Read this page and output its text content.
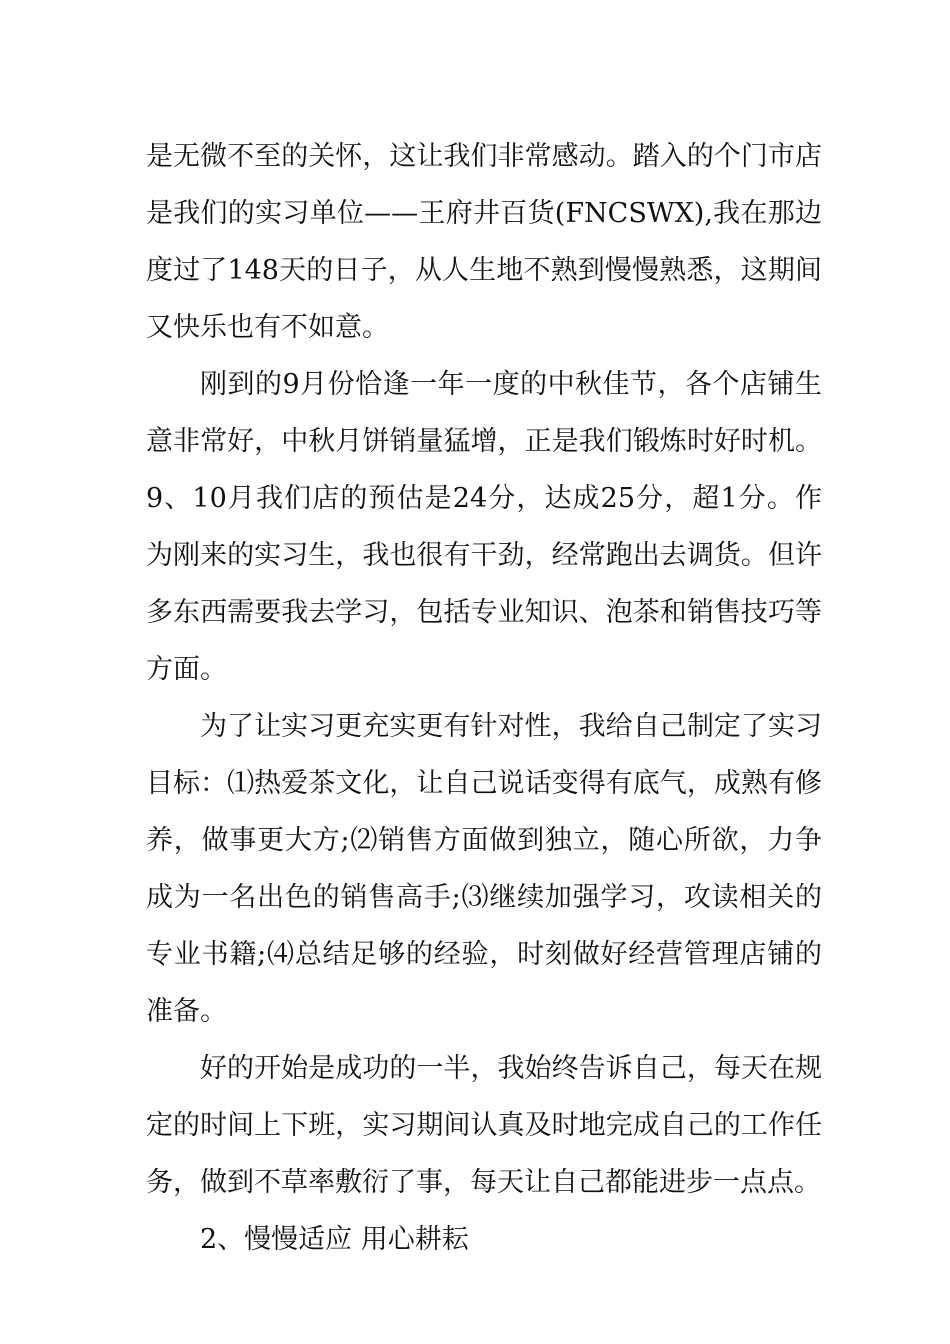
是无微不至的关怀，这让我们非常感动。踏入的个门市店是我们的实习单位——王府井百货(FNCSWX),我在那边度过了148天的日子，从人生地不熟到慢慢熟悉，这期间又快乐也有不如意。

刚到的9月份恰逢一年一度的中秋佳节，各个店铺生意非常好，中秋月饼销量猛增，正是我们锻炼时好时机。9、10月我们店的预估是24分，达成25分，超1分。作为刚来的实习生，我也很有干劲，经常跑出去调货。但许多东西需要我去学习，包括专业知识、泡茶和销售技巧等方面。

为了让实习更充实更有针对性，我给自己制定了实习目标：⑴热爱茶文化，让自己说话变得有底气，成熟有修养，做事更大方;⑵销售方面做到独立，随心所欲，力争成为一名出色的销售高手;⑶继续加强学习，攻读相关的专业书籍;⑷总结足够的经验，时刻做好经营管理店铺的准备。

好的开始是成功的一半，我始终告诉自己，每天在规定的时间上下班，实习期间认真及时地完成自己的工作任务，做到不草率敷衍了事，每天让自己都能进步一点点。

2、慢慢适应 用心耕耘
